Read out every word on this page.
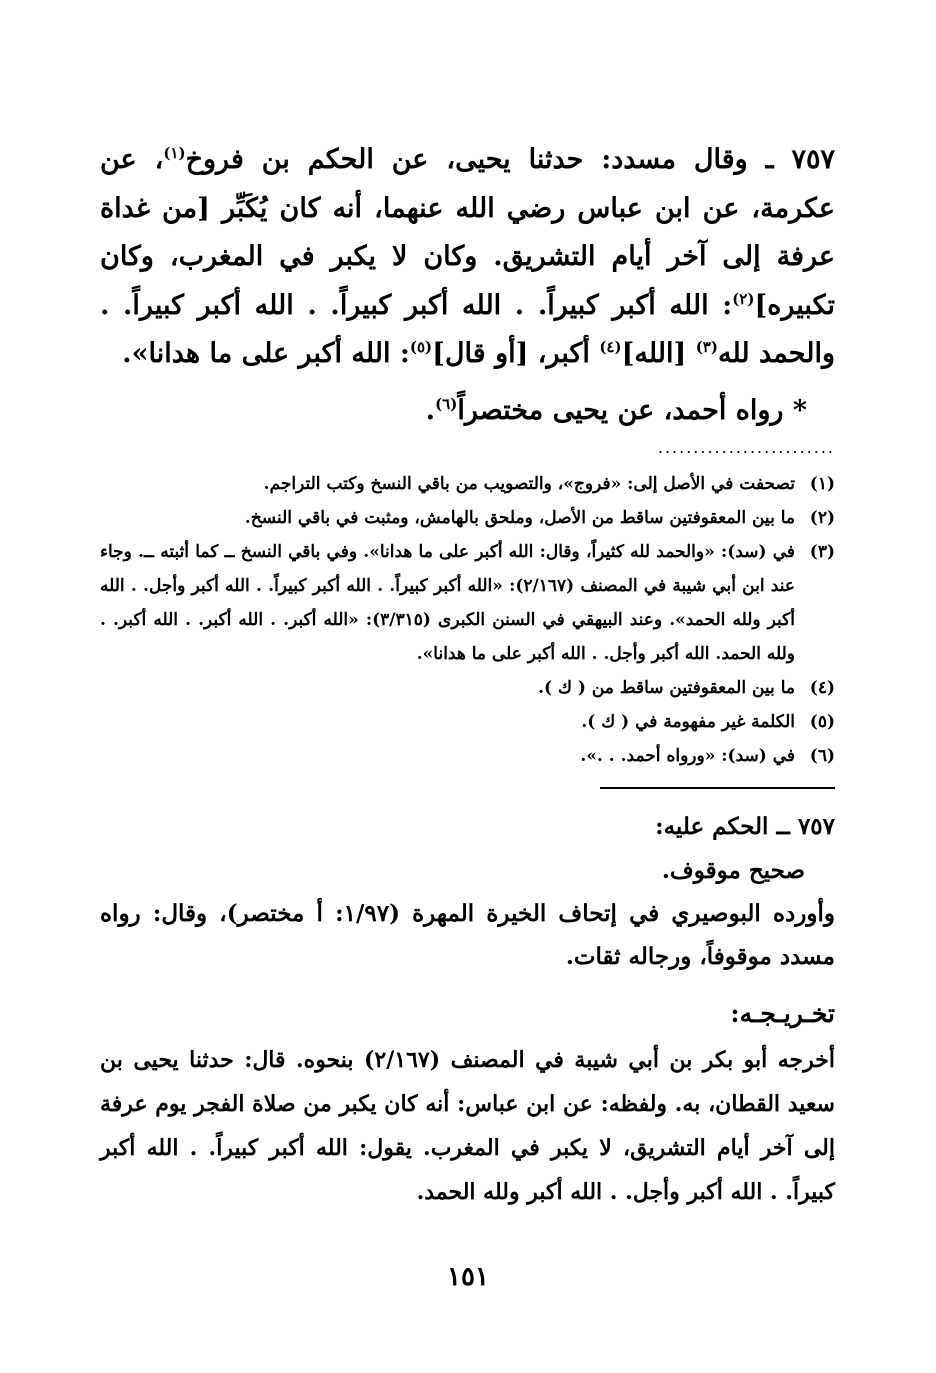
٧٥٧ ـ وقال مسدد: حدثنا يحيى، عن الحكم بن فروخ$^{(١)}$، عن عكرمة، عن ابن عباس رضي الله عنهما، أنه كان يُكَبِّر [من غداة عرفة إلى آخر أيام التشريق. وكان لا يكبر في المغرب، وكان تكبيره]$^{(٢)}$: الله أكبر كبيراً. . الله أكبر كبيراً. . الله أكبر كبيراً. . والحمد لله$^{(٣)}$ [الله]$^{(٤)}$ أكبر، [أو قال]$^{(٥)}$: الله أكبر على ما هدانا».

* رواه أحمد، عن يحيى مختصراً$^{(٦)}$.

.........................
(١)
تصحفت في الأصل إلى: «فروج»، والتصويب من باقي النسخ وكتب التراجم.
(٢)
ما بين المعقوفتين ساقط من الأصل، وملحق بالهامش، ومثبت في باقي النسخ.
(٣)
في (سد): «والحمد لله كثيراً، وقال: الله أكبر على ما هدانا». وفي باقي النسخ ــ كما أثبته ــ. وجاء عند ابن أبي شيبة في المصنف (٢/١٦٧): «الله أكبر كبيراً. . الله أكبر كبيراً. . الله أكبر وأجل. . الله أكبر ولله الحمد». وعند البيهقي في السنن الكبرى (٣/٣١٥): «الله أكبر. . الله أكبر. . الله أكبر. . ولله الحمد. الله أكبر وأجل. . الله أكبر على ما هدانا».
(٤)
ما بين المعقوفتين ساقط من ( ك ).
(٥)
الكلمة غير مفهومة في ( ك ).
(٦)
في (سد): «ورواه أحمد. . .».

٧٥٧ ــ الحكم عليه:

صحيح موقوف.

وأورده البوصيري في إتحاف الخيرة المهرة (١/٩٧: أ مختصر)، وقال: رواه مسدد موقوفاً، ورجاله ثقات.

تخـريـجـه:

أخرجه أبو بكر بن أبي شيبة في المصنف (٢/١٦٧) بنحوه. قال: حدثنا يحيى بن سعيد القطان، به. ولفظه: عن ابن عباس: أنه كان يكبر من صلاة الفجر يوم عرفة إلى آخر أيام التشريق، لا يكبر في المغرب. يقول: الله أكبر كبيراً. . الله أكبر كبيراً. . الله أكبر وأجل. . الله أكبر ولله الحمد.

١٥١
